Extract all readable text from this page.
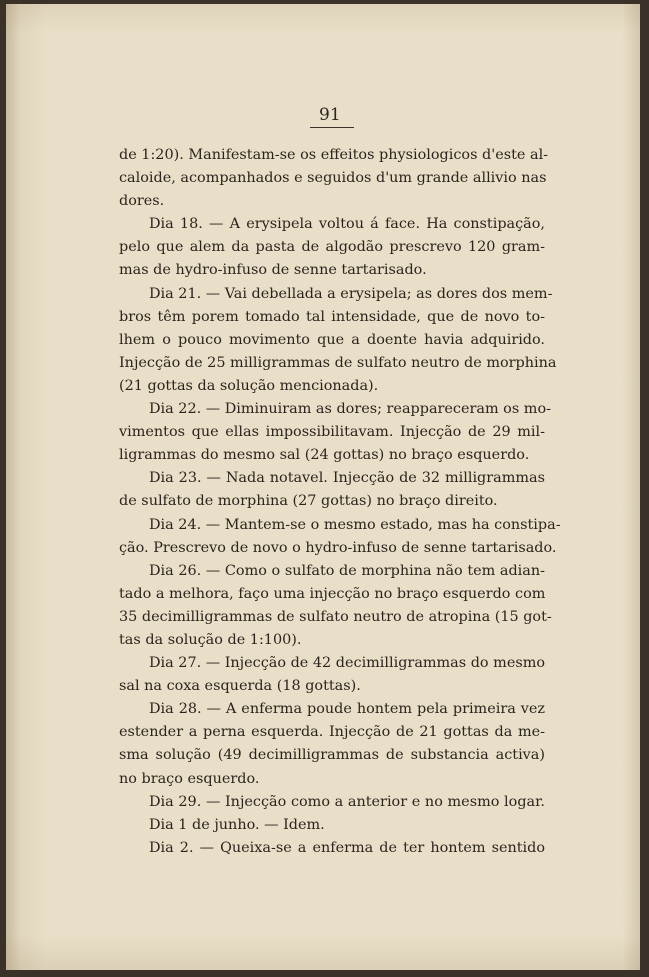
91
de 1:20). Manifestam-se os effeitos physiologicos d'este al-
caloide, acompanhados e seguidos d'um grande allivio nas
dores.
Dia 18. — A erysipela voltou á face. Ha constipação,
pelo que alem da pasta de algodão prescrevo 120 gram-
mas de hydro-infuso de senne tartarisado.
Dia 21. — Vai debellada a erysipela; as dores dos mem-
bros têm porem tomado tal intensidade, que de novo to-
lhem o pouco movimento que a doente havia adquirido.
Injecção de 25 milligrammas de sulfato neutro de morphina
(21 gottas da solução mencionada).
Dia 22. — Diminuiram as dores; reappareceram os mo-
vimentos que ellas impossibilitavam. Injecção de 29 mil-
ligrammas do mesmo sal (24 gottas) no braço esquerdo.
Dia 23. — Nada notavel. Injecção de 32 milligrammas
de sulfato de morphina (27 gottas) no braço direito.
Dia 24. — Mantem-se o mesmo estado, mas ha constipa-
ção. Prescrevo de novo o hydro-infuso de senne tartarisado.
Dia 26. — Como o sulfato de morphina não tem adian-
tado a melhora, faço uma injecção no braço esquerdo com
35 decimilligrammas de sulfato neutro de atropina (15 got-
tas da solução de 1:100).
Dia 27. — Injecção de 42 decimilligrammas do mesmo
sal na coxa esquerda (18 gottas).
Dia 28. — A enferma poude hontem pela primeira vez
estender a perna esquerda. Injecção de 21 gottas da me-
sma solução (49 decimilligrammas de substancia activa)
no braço esquerdo.
Dia 29. — Injecção como a anterior e no mesmo logar.
Dia 1 de junho. — Idem.
Dia 2. — Queixa-se a enferma de ter hontem sentido
